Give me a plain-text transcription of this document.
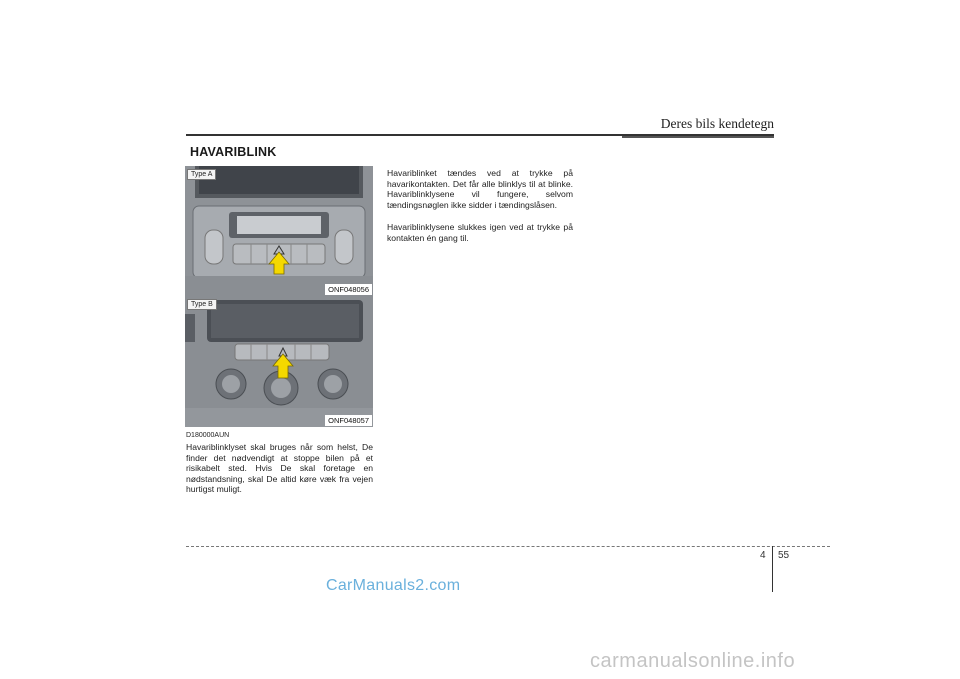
Deres bils kendetegn
HAVARIBLINK
Type A
ONF048056
Type B
ONF048057
D180000AUN
Havariblinklyset skal bruges når som helst, De finder det nødvendigt at stoppe bilen på et risikabelt sted. Hvis De skal foretage en nødstandsning, skal De altid køre væk fra vejen hurtigst muligt.
Havariblinket tændes ved at trykke på havarikontakten. Det får alle blinklys til at blinke. Havariblinklysene vil fungere, selvom tændingsnøglen ikke sidder i tændingslåsen.
Havariblinklysene slukkes igen ved at trykke på kontakten én gang til.
4 55
CarManuals2.com
carmanualsonline.info
